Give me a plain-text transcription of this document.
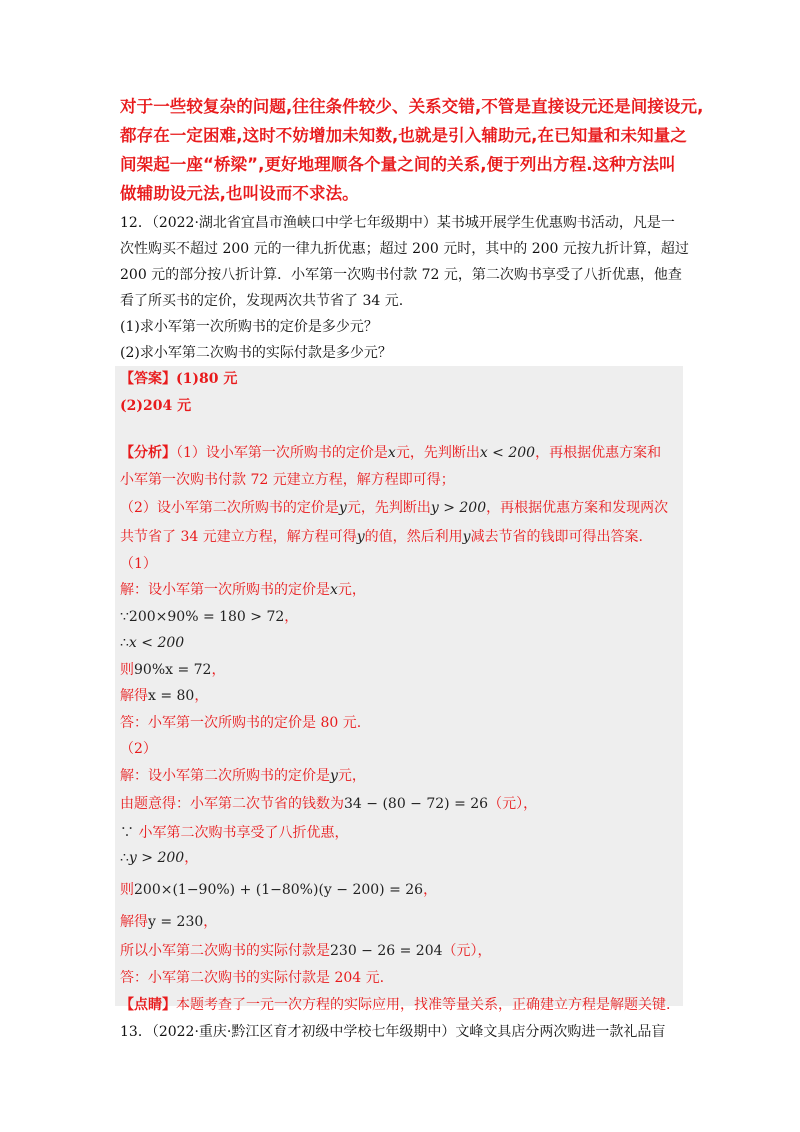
对于一些较复杂的问题,往往条件较少、关系交错,不管是直接设元还是间接设元,
都存在一定困难,这时不妨增加未知数,也就是引入辅助元,在已知量和未知量之
间架起一座“桥梁”,更好地理顺各个量之间的关系,便于列出方程.这种方法叫
做辅助设元法,也叫设而不求法。
12．（2022·湖北省宜昌市渔峡口中学七年级期中）某书城开展学生优惠购书活动，凡是一
次性购买不超过 200 元的一律九折优惠；超过 200 元时，其中的 200 元按九折计算，超过
200 元的部分按八折计算．小军第一次购书付款 72 元，第二次购书享受了八折优惠，他查
看了所买书的定价，发现两次共节省了 34 元.
(1)求小军第一次所购书的定价是多少元？
(2)求小军第二次购书的实际付款是多少元？
【答案】(1)80 元
(2)204 元
【分析】（1）设小军第一次所购书的定价是x元，先判断出x < 200，再根据优惠方案和
小军第一次购书付款 72 元建立方程，解方程即可得；
（2）设小军第二次所购书的定价是y元，先判断出y > 200，再根据优惠方案和发现两次
共节省了 34 元建立方程，解方程可得y的值，然后利用y减去节省的钱即可得出答案.
（1）
解：设小军第一次所购书的定价是x元，
∵200×90% = 180 > 72，
∴x < 200
则90%x = 72，
解得x = 80，
答：小军第一次所购书的定价是 80 元.
（2）
解：设小军第二次所购书的定价是y元，
由题意得：小军第二次节省的钱数为34 − (80 − 72) = 26（元），
∵ 小军第二次购书享受了八折优惠，
∴y > 200，
则200×(1−90%) + (1−80%)(y − 200) = 26，
解得y = 230，
所以小军第二次购书的实际付款是230 − 26 = 204（元），
答：小军第二次购书的实际付款是 204 元.
【点睛】本题考查了一元一次方程的实际应用，找准等量关系，正确建立方程是解题关键.
13．（2022·重庆·黔江区育才初级中学校七年级期中）文峰文具店分两次购进一款礼品盲
